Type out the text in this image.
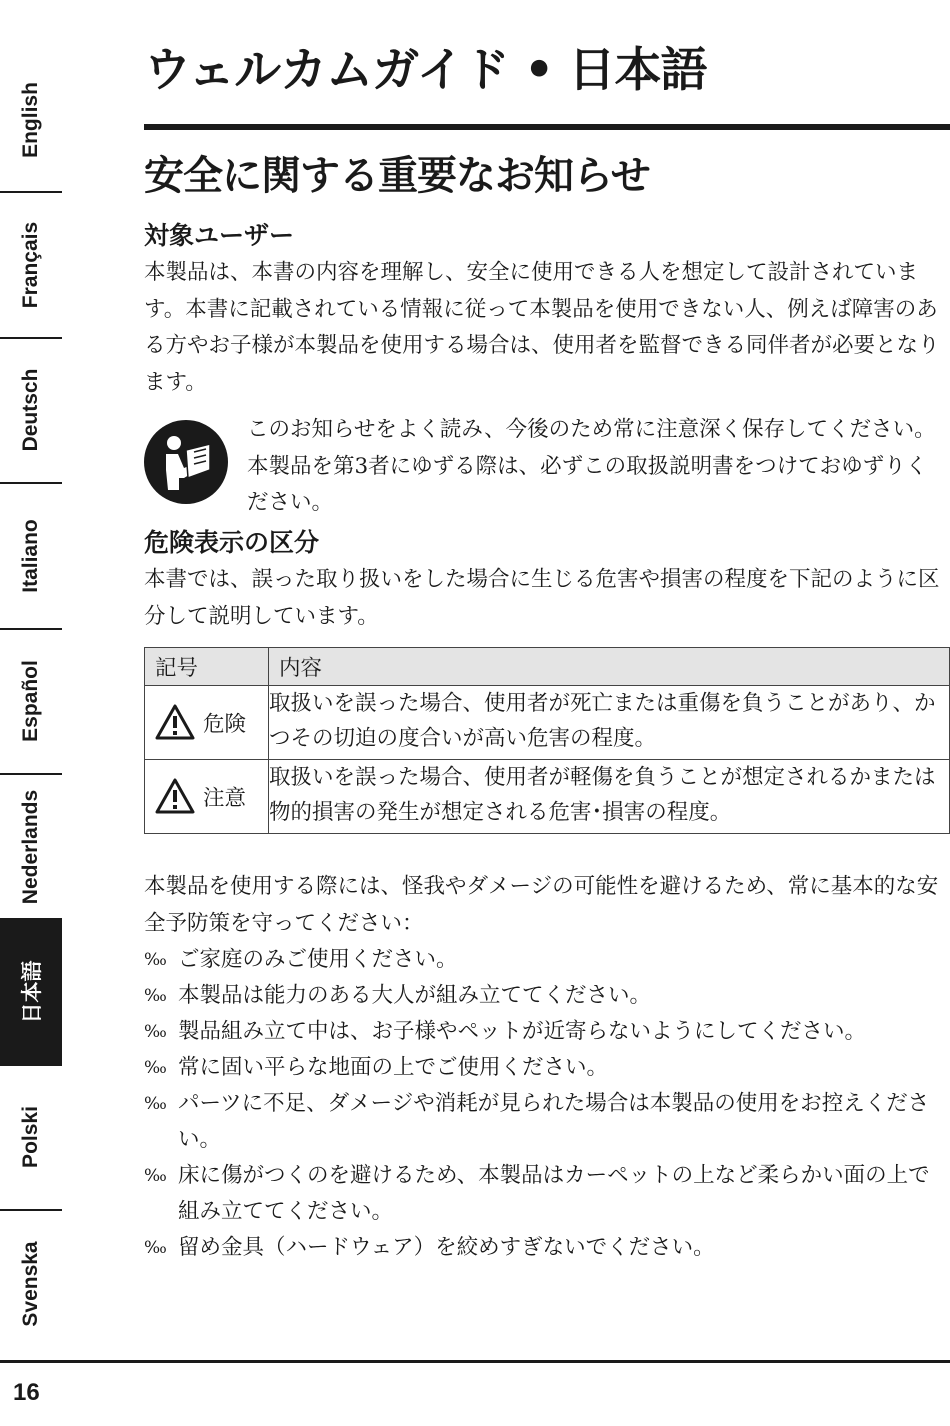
English
Français
Deutsch
Italiano
Español
Nederlands
日本語
Polski
Svenska
16
ウェルカムガイド • 日本語
安全に関する重要なお知らせ
対象ユーザー

本製品は、本書の内容を理解し、安全に使用できる人を想定して設計されています。本書に記載されている情報に従って本製品を使用できない人、例えば障害のある方やお子様が本製品を使用する場合は、使用者を監督できる同伴者が必要となります。

このお知らせをよく読み、今後のため常に注意深く保存してください。本製品を第3者にゆずる際は、必ずこの取扱説明書をつけておゆずりください。

危険表示の区分

本書では、誤った取り扱いをした場合に生じる危害や損害の程度を下記のように区分して説明しています。

記号	内容

危険	取扱いを誤った場合、使用者が死亡または重傷を負うことがあり、かつその切迫の度合いが高い危害の程度。

注意	取扱いを誤った場合、使用者が軽傷を負うことが想定されるかまたは物的損害の発生が想定される危害･損害の程度。

本製品を使用する際には、怪我やダメージの可能性を避けるため、常に基本的な安全予防策を守ってください：

‰ ご家庭のみご使用ください。
‰ 本製品は能力のある大人が組み立ててください。
‰ 製品組み立て中は、お子様やペットが近寄らないようにしてください。
‰ 常に固い平らな地面の上でご使用ください。
‰ パーツに不足、ダメージや消耗が見られた場合は本製品の使用をお控えください。
‰ 床に傷がつくのを避けるため、本製品はカーペットの上など柔らかい面の上で組み立ててください。
‰ 留め金具（ハードウェア）を絞めすぎないでください。
